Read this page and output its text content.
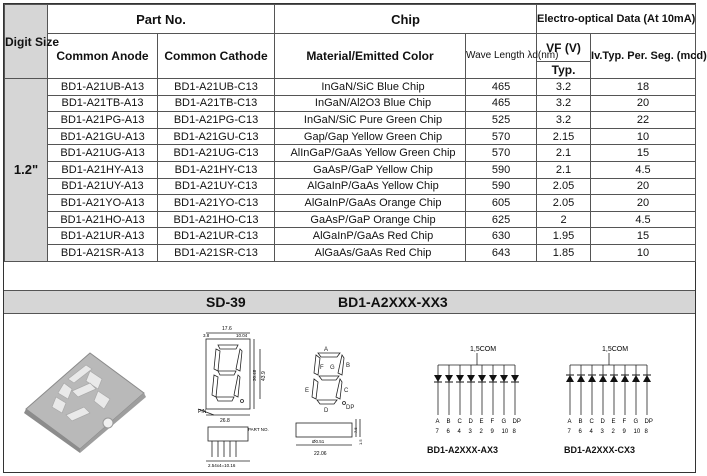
Digit Size	Part No.		Chip		Electro-optical Data (At 10mA)	
	Common Anode	Common Cathode	Material/Emitted Color	Wave Length λd(nm)	VF (V)	Iv.Typ. Per. Seg. (mcd)
					Typ.	
1.2"	BD1-A21UB-A13	BD1-A21UB-C13	InGaN/SiC Blue Chip	465	3.2	18
	BD1-A21TB-A13	BD1-A21TB-C13	InGaN/Al2O3 Blue Chip	465	3.2	20
	BD1-A21PG-A13	BD1-A21PG-C13	InGaN/SiC Pure Green Chip	525	3.2	22
	BD1-A21GU-A13	BD1-A21GU-C13	Gap/Gap Yellow Green Chip	570	2.15	10
	BD1-A21UG-A13	BD1-A21UG-C13	AlInGaP/GaAs Yellow Green Chip	570	2.1	15
	BD1-A21HY-A13	BD1-A21HY-C13	GaAsP/GaP Yellow Chip	590	2.1	4.5
	BD1-A21UY-A13	BD1-A21UY-C13	AlGaInP/GaAs Yellow Chip	590	2.05	20
	BD1-A21YO-A13	BD1-A21YO-C13	AlGaInP/GaAs Orange Chip	605	2.05	20
	BD1-A21HO-A13	BD1-A21HO-C13	GaAsP/GaP Orange Chip	625	2	4.5
	BD1-A21UR-A13	BD1-A21UR-C13	AlGaInP/GaAs Red Chip	630	1.95	15
	BD1-A21SR-A13	BD1-A21SR-C13	AlGaAs/GaAs Red Chip	643	1.85	10
SD-39	BD1-A2XXX-XX3
17.6
3.8	10.04
30.48 43.9
26.8
PIN
PART NO.
2.54x4=10.16
Ø0.51
22.06
7.5
1.5
A
B
C
D
E
F G
DP
1,5COM
A
7
B
6
C
4
D
3
E
2
F
9
G
10
DP
8
BD1-A2XXX-AX3
1,5COM
A
7
B
6
C
4
D
3
E
2
F
9
G
10
DP
8
BD1-A2XXX-CX3
